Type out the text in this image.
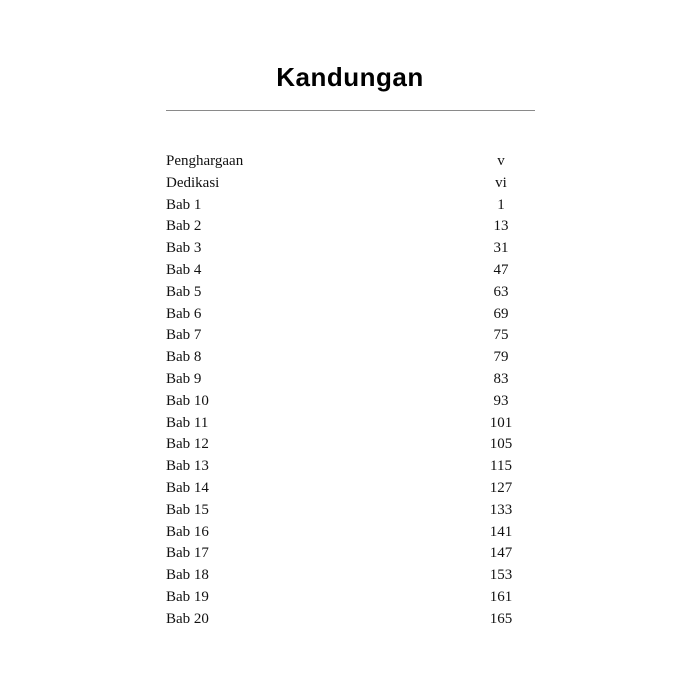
Kandungan
Penghargaan	v
Dedikasi	vi
Bab 1	1
Bab 2	13
Bab 3	31
Bab 4	47
Bab 5	63
Bab 6	69
Bab 7	75
Bab 8	79
Bab 9	83
Bab 10	93
Bab 11	101
Bab 12	105
Bab 13	115
Bab 14	127
Bab 15	133
Bab 16	141
Bab 17	147
Bab 18	153
Bab 19	161
Bab 20	165
